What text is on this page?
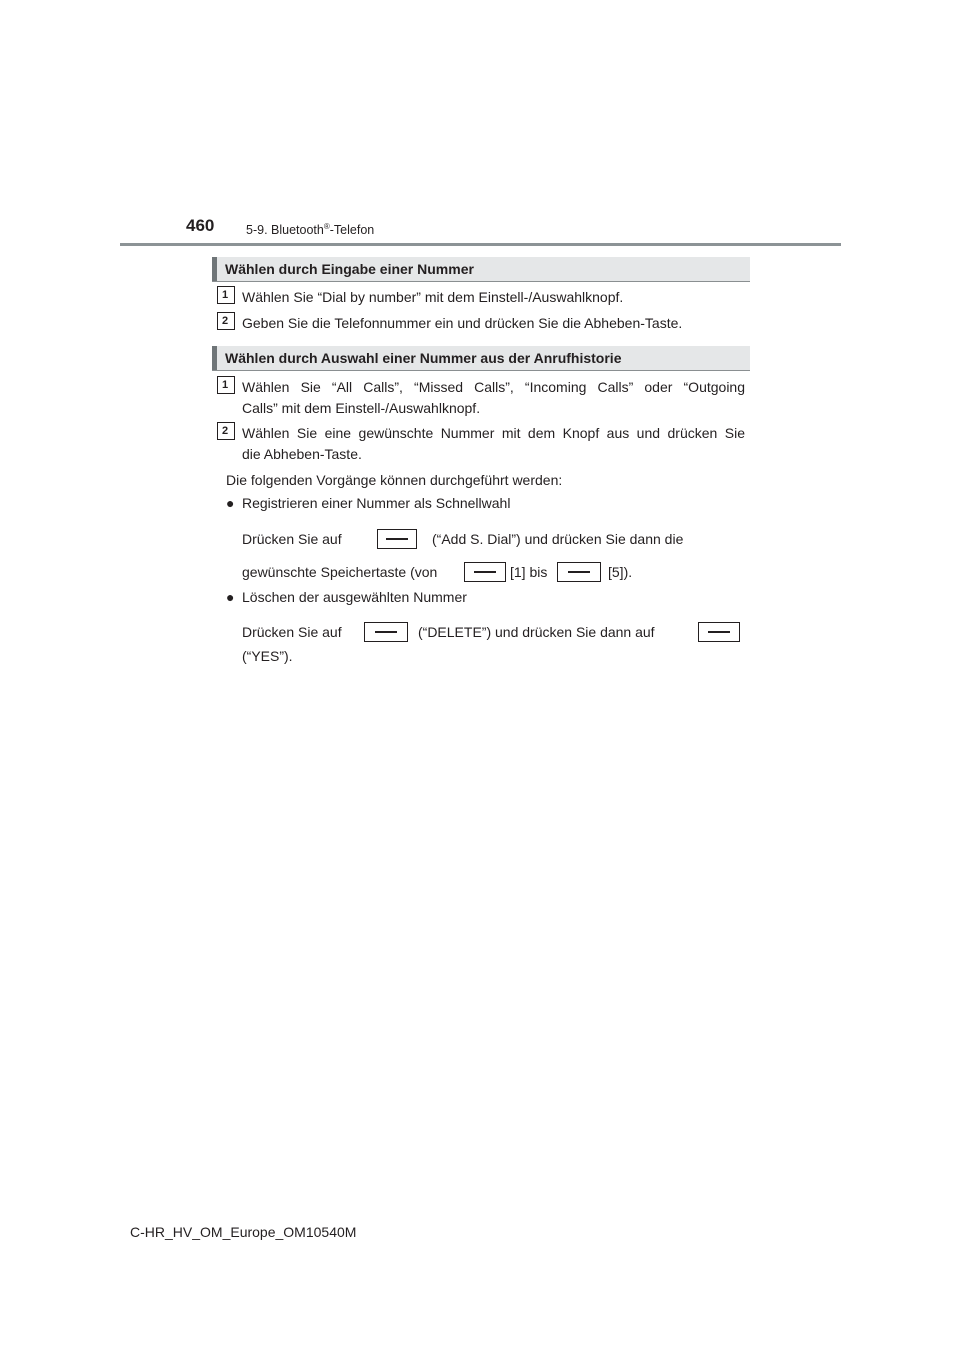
460	5-9. Bluetooth®-Telefon
Wählen durch Eingabe einer Nummer
1 Wählen Sie “Dial by number” mit dem Einstell-/Auswahlknopf.
2 Geben Sie die Telefonnummer ein und drücken Sie die Abheben-Taste.
Wählen durch Auswahl einer Nummer aus der Anrufhistorie
1 Wählen Sie “All Calls”, “Missed Calls”, “Incoming Calls” oder “Outgoing
Calls” mit dem Einstell-/Auswahlknopf.
2 Wählen Sie eine gewünschte Nummer mit dem Knopf aus und drücken Sie
die Abheben-Taste.
Die folgenden Vorgänge können durchgeführt werden:
● Registrieren einer Nummer als Schnellwahl
Drücken Sie auf	(“Add S. Dial”) und drücken Sie dann die
gewünschte Speichertaste (von	[1] bis	[5]).
● Löschen der ausgewählten Nummer
Drücken Sie auf	(“DELETE”) und drücken Sie dann auf
(“YES”).
C-HR_HV_OM_Europe_OM10540M
